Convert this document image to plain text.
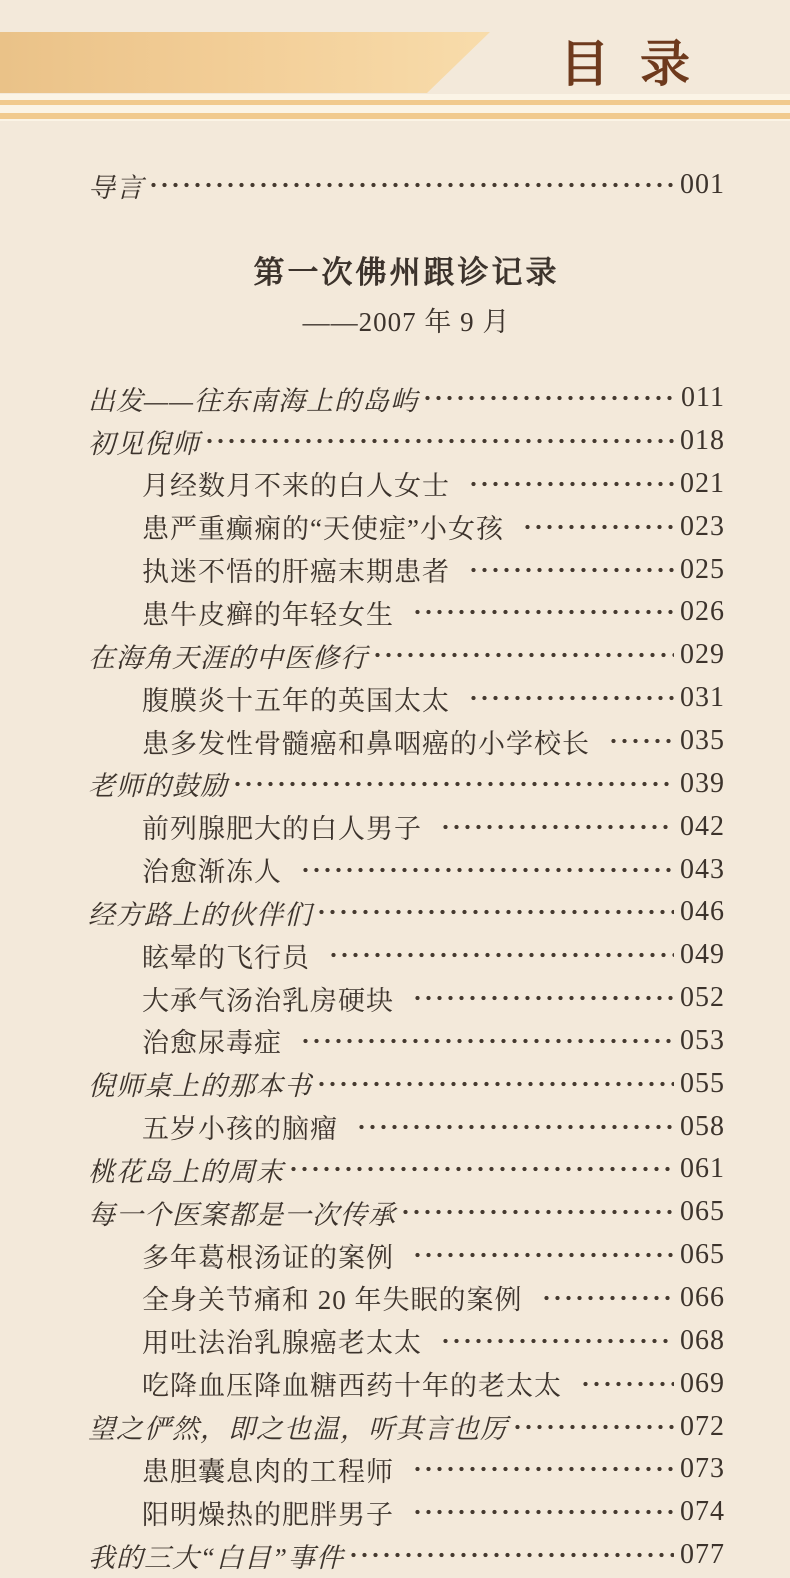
目 录
导言	001
第一次佛州跟诊记录

——2007 年 9 月

出发——往东南海上的岛屿	011
初见倪师	018
月经数月不来的白人女士	021
患严重癫痫的“天使症”小女孩	023
执迷不悟的肝癌末期患者	025
患牛皮癣的年轻女生	026
在海角天涯的中医修行	029
腹膜炎十五年的英国太太	031
患多发性骨髓癌和鼻咽癌的小学校长	035
老师的鼓励	039
前列腺肥大的白人男子	042
治愈渐冻人	043
经方路上的伙伴们	046
眩晕的飞行员	049
大承气汤治乳房硬块	052
治愈尿毒症	053
倪师桌上的那本书	055
五岁小孩的脑瘤	058
桃花岛上的周末	061
每一个医案都是一次传承	065
多年葛根汤证的案例	065
全身关节痛和 20 年失眠的案例	066
用吐法治乳腺癌老太太	068
吃降血压降血糖西药十年的老太太	069
望之俨然，即之也温，听其言也厉	072
患胆囊息肉的工程师	073
阳明燥热的肥胖男子	074
我的三大“白目”事件	077
